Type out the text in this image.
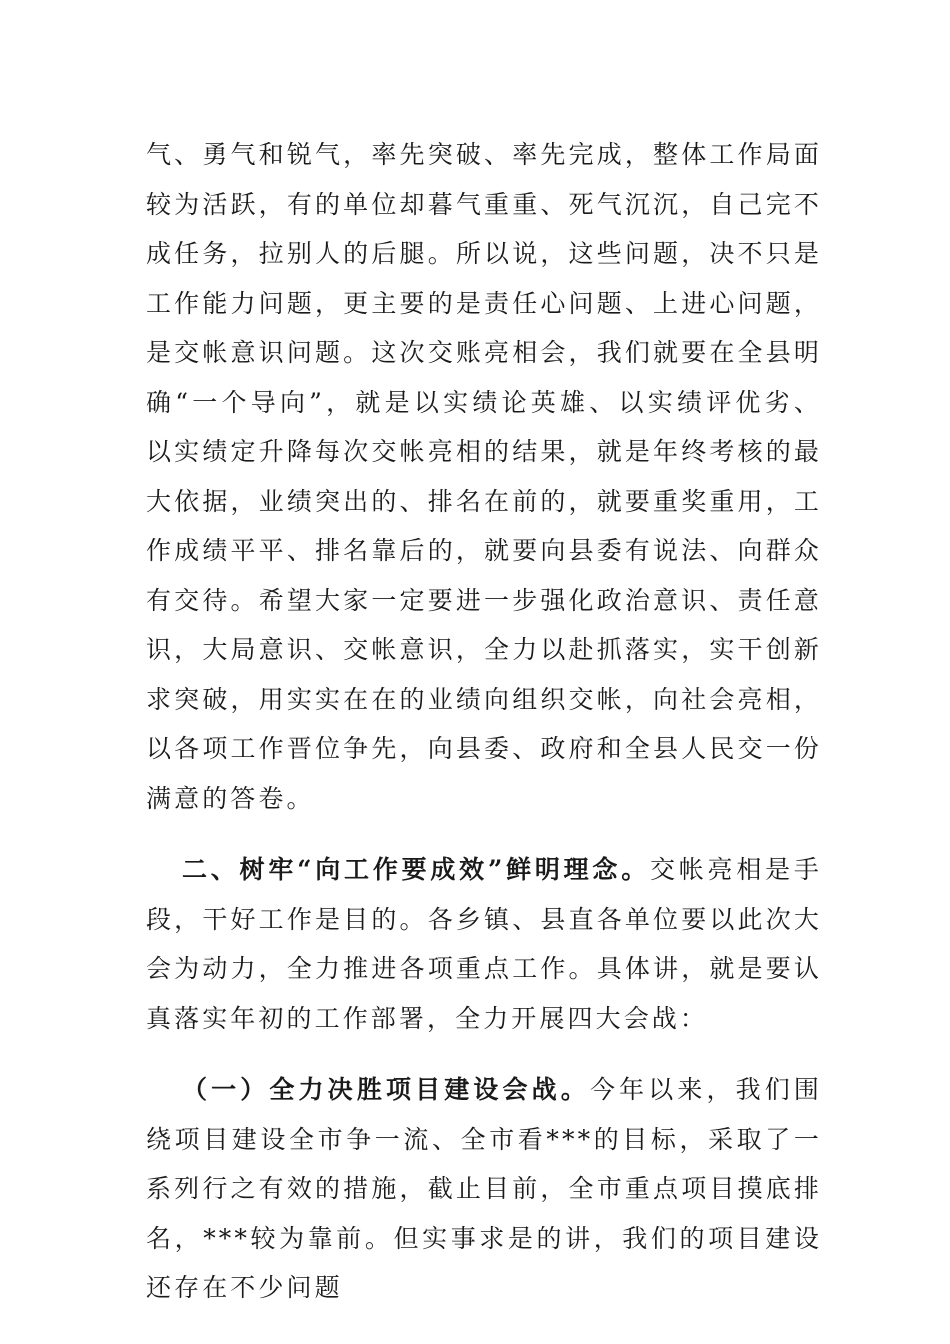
气、勇气和锐气，率先突破、率先完成，整体工作局面较为活跃，有的单位却暮气重重、死气沉沉，自己完不成任务，拉别人的后腿。所以说，这些问题，决不只是工作能力问题，更主要的是责任心问题、上进心问题，是交帐意识问题。这次交账亮相会，我们就要在全县明确“一个导向”，就是以实绩论英雄、以实绩评优劣、以实绩定升降每次交帐亮相的结果，就是年终考核的最大依据，业绩突出的、排名在前的，就要重奖重用，工作成绩平平、排名靠后的，就要向县委有说法、向群众有交待。希望大家一定要进一步强化政治意识、责任意识，大局意识、交帐意识，全力以赴抓落实，实干创新求突破，用实实在在的业绩向组织交帐，向社会亮相，以各项工作晋位争先，向县委、政府和全县人民交一份满意的答卷。

二、树牢“向工作要成效”鲜明理念。交帐亮相是手段，干好工作是目的。各乡镇、县直各单位要以此次大会为动力，全力推进各项重点工作。具体讲，就是要认真落实年初的工作部署，全力开展四大会战：

（一）全力决胜项目建设会战。今年以来，我们围绕项目建设全市争一流、全市看***的目标，采取了一系列行之有效的措施，截止目前，全市重点项目摸底排名，***较为靠前。但实事求是的讲，我们的项目建设还存在不少问题
